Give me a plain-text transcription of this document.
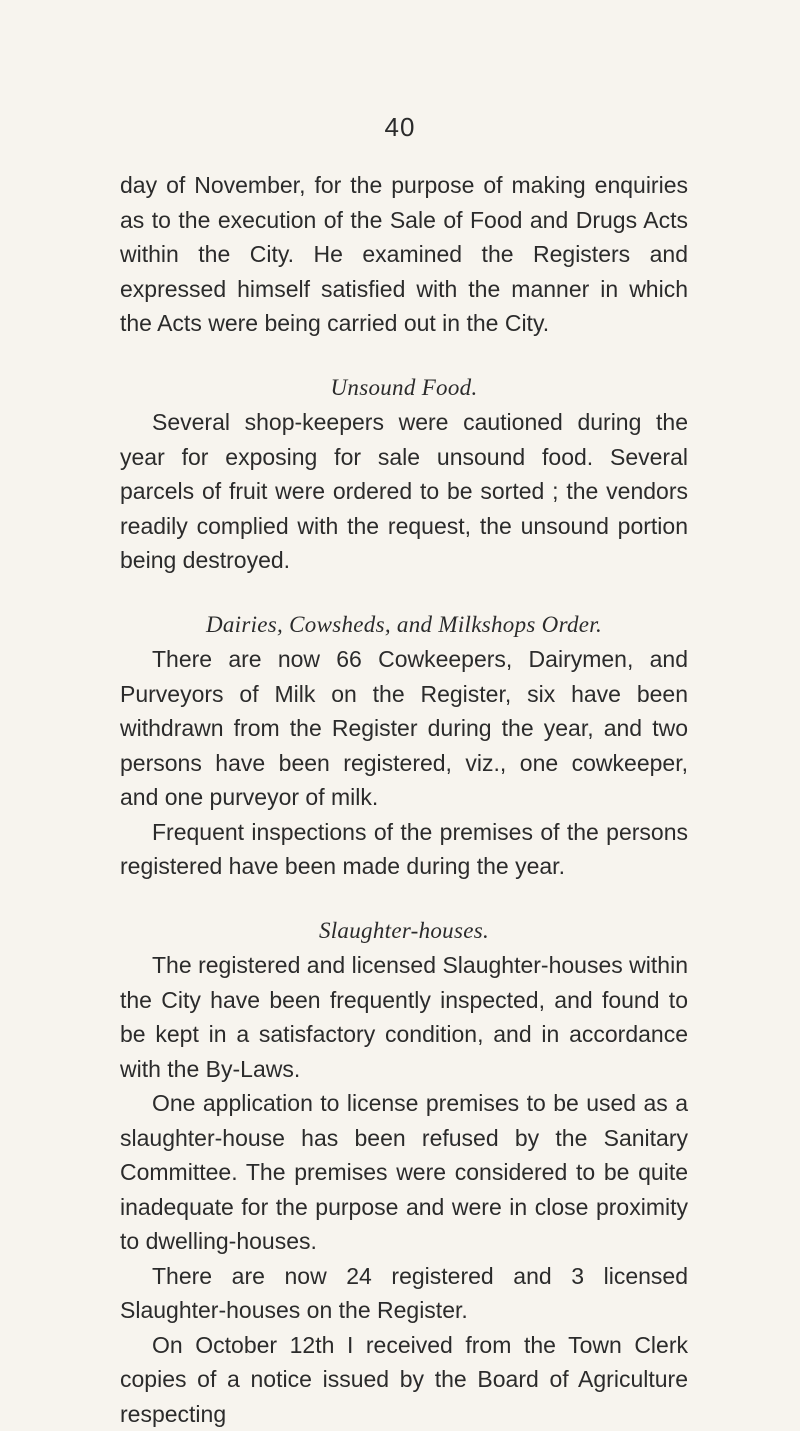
40

day of November, for the purpose of making enquiries as to the execution of the Sale of Food and Drugs Acts within the City. He examined the Registers and expressed himself satisfied with the manner in which the Acts were being carried out in the City.

Unsound Food.

Several shop-keepers were cautioned during the year for exposing for sale unsound food. Several parcels of fruit were ordered to be sorted ; the vendors readily complied with the request, the unsound portion being destroyed.

Dairies, Cowsheds, and Milkshops Order.

There are now 66 Cowkeepers, Dairymen, and Purveyors of Milk on the Register, six have been withdrawn from the Register during the year, and two persons have been registered, viz., one cowkeeper, and one purveyor of milk.

Frequent inspections of the premises of the persons registered have been made during the year.

Slaughter-houses.

The registered and licensed Slaughter-houses within the City have been frequently inspected, and found to be kept in a satisfactory condition, and in accordance with the By-Laws.

One application to license premises to be used as a slaughter-house has been refused by the Sanitary Committee. The premises were considered to be quite inadequate for the purpose and were in close proximity to dwelling-houses.

There are now 24 registered and 3 licensed Slaughter-houses on the Register.

On October 12th I received from the Town Clerk copies of a notice issued by the Board of Agriculture respecting
